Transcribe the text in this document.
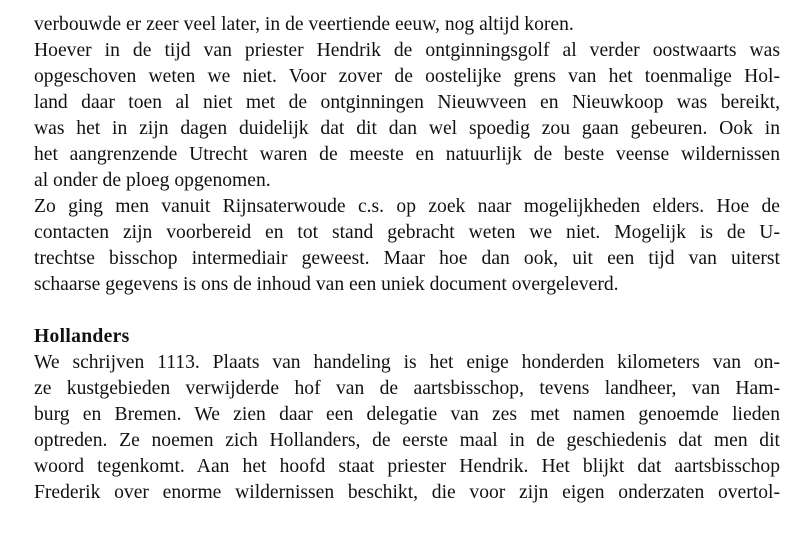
verbouwde er zeer veel later, in de veertiende eeuw, nog altijd koren.

Hoever in de tijd van priester Hendrik de ontginningsgolf al verder oostwaarts was
opgeschoven weten we niet. Voor zover de oostelijke grens van het toenmalige Hol-
land daar toen al niet met de ontginningen Nieuwveen en Nieuwkoop was bereikt,
was het in zijn dagen duidelijk dat dit dan wel spoedig zou gaan gebeuren. Ook in
het aangrenzende Utrecht waren de meeste en natuurlijk de beste veense wildernissen
al onder de ploeg opgenomen.

Zo ging men vanuit Rijnsaterwoude c.s. op zoek naar mogelijkheden elders. Hoe de
contacten zijn voorbereid en tot stand gebracht weten we niet. Mogelijk is de U-
trechtse bisschop intermediair geweest. Maar hoe dan ook, uit een tijd van uiterst
schaarse gegevens is ons de inhoud van een uniek document overgeleverd.

Hollanders

We schrijven 1113. Plaats van handeling is het enige honderden kilometers van on-
ze kustgebieden verwijderde hof van de aartsbisschop, tevens landheer, van Ham-
burg en Bremen. We zien daar een delegatie van zes met namen genoemde lieden
optreden. Ze noemen zich Hollanders, de eerste maal in de geschiedenis dat men dit
woord tegenkomt. Aan het hoofd staat priester Hendrik. Het blijkt dat aartsbisschop
Frederik over enorme wildernissen beschikt, die voor zijn eigen onderzaten overtol-
